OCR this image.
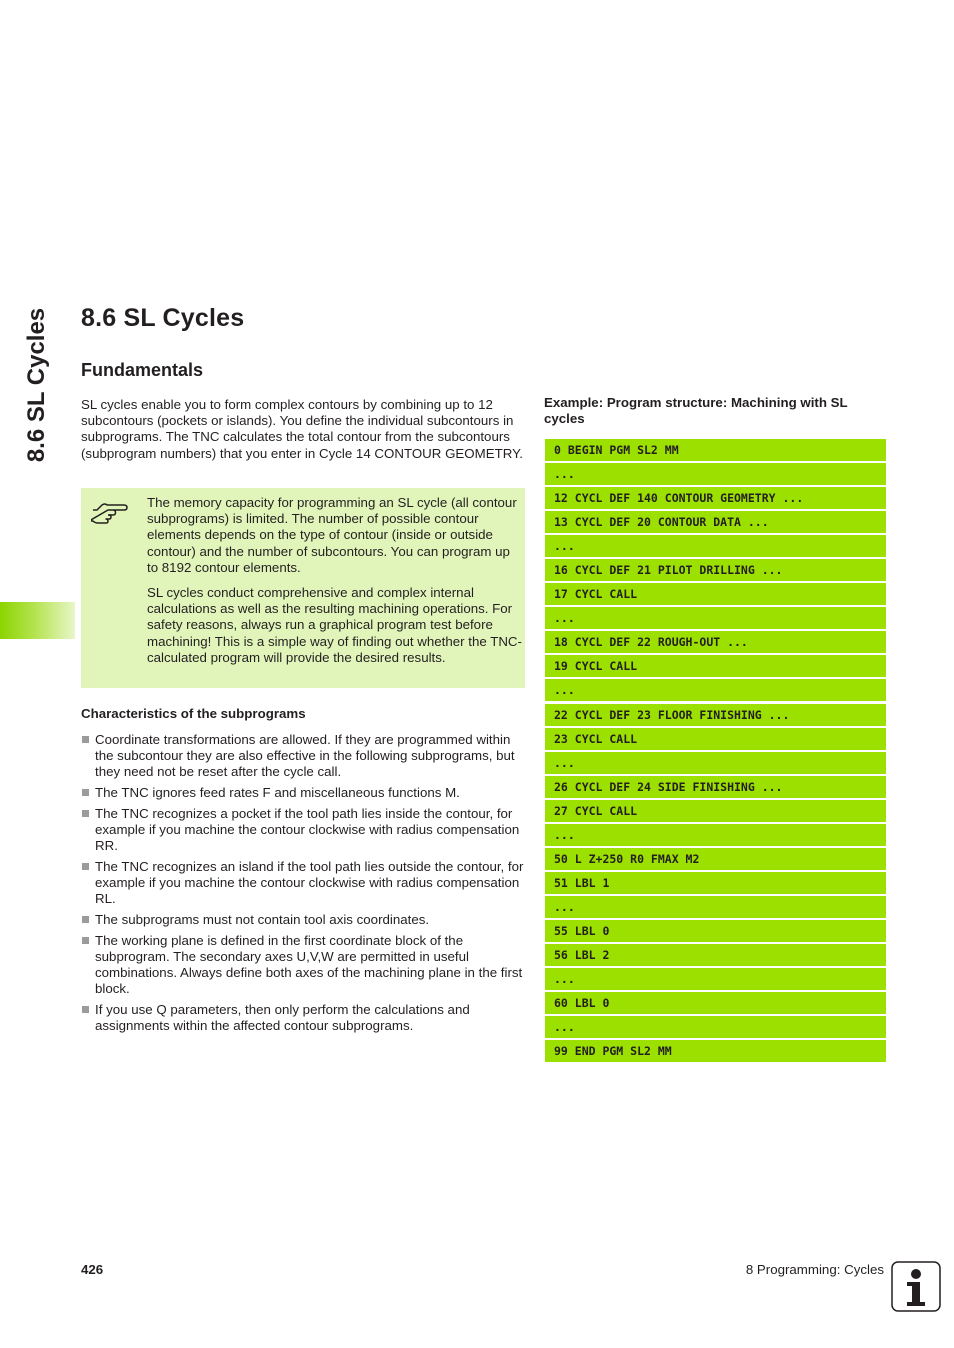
8.6 SL Cycles 8.6 SL Cycles
Fundamentals

SL cycles enable you to form complex contours by combining up to 12 subcontours (pockets or islands). You define the individual subcontours in subprograms. The TNC calculates the total contour from the subcontours (subprogram numbers) that you enter in Cycle 14 CONTOUR GEOMETRY.

The memory capacity for programming an SL cycle (all contour subprograms) is limited. The number of possible contour elements depends on the type of contour (inside or outside contour) and the number of subcontours. You can program up to 8192 contour elements.

SL cycles conduct comprehensive and complex internal calculations as well as the resulting machining operations. For safety reasons, always run a graphical program test before machining! This is a simple way of finding out whether the TNC-calculated program will provide the desired results.

Characteristics of the subprograms
Coordinate transformations are allowed. If they are programmed within the subcontour they are also effective in the following subprograms, but they need not be reset after the cycle call.
The TNC ignores feed rates F and miscellaneous functions M.
The TNC recognizes a pocket if the tool path lies inside the contour, for example if you machine the contour clockwise with radius compensation RR.
The TNC recognizes an island if the tool path lies outside the contour, for example if you machine the contour clockwise with radius compensation RL.
The subprograms must not contain tool axis coordinates.
The working plane is defined in the first coordinate block of the subprogram. The secondary axes U,V,W are permitted in useful combinations. Always define both axes of the machining plane in the first block.
If you use Q parameters, then only perform the calculations and assignments within the affected contour subprograms.

Example: Program structure: Machining with SL cycles

0 BEGIN PGM SL2 MM
...
12 CYCL DEF 140 CONTOUR GEOMETRY ...
13 CYCL DEF 20 CONTOUR DATA ...
...
16 CYCL DEF 21 PILOT DRILLING ...
17 CYCL CALL
...
18 CYCL DEF 22 ROUGH-OUT ...
19 CYCL CALL
...
22 CYCL DEF 23 FLOOR FINISHING ...
23 CYCL CALL
...
26 CYCL DEF 24 SIDE FINISHING ...
27 CYCL CALL
...
50 L Z+250 R0 FMAX M2
51 LBL 1
...
55 LBL 0
56 LBL 2
...
60 LBL 0
...
99 END PGM SL2 MM

426	8 Programming: Cycles
